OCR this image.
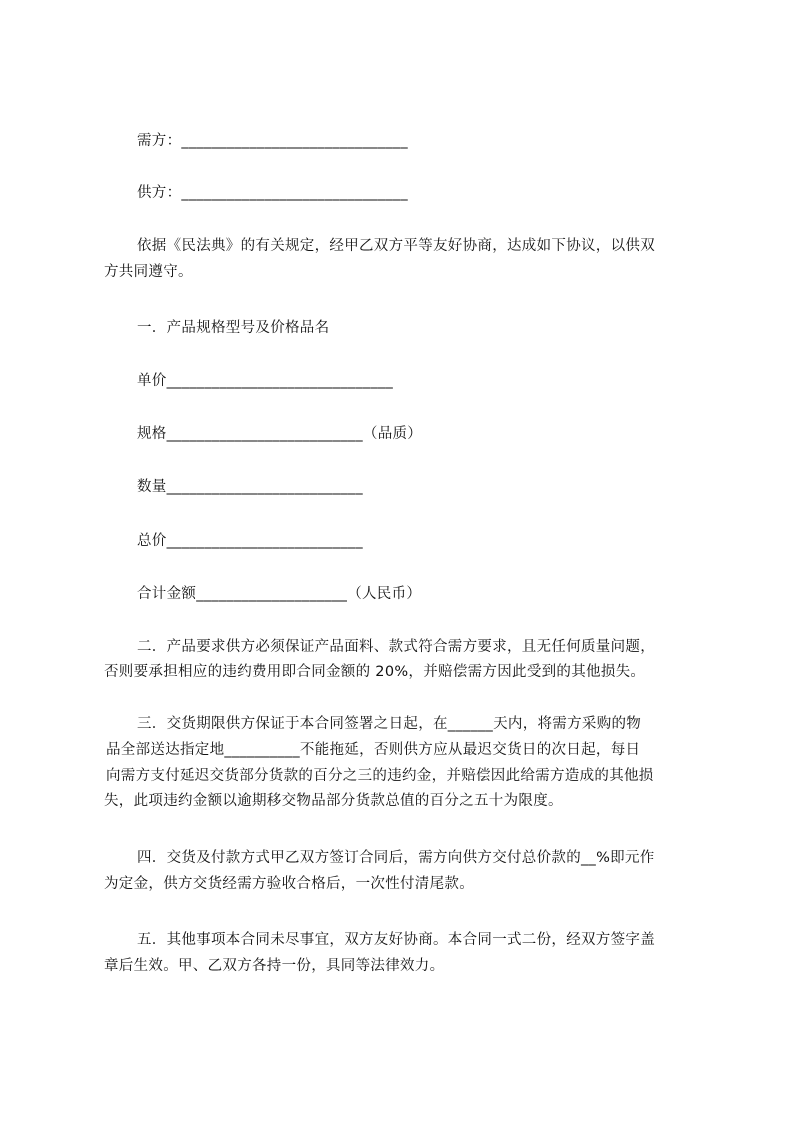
需方：______________________________
供方：______________________________
依据《民法典》的有关规定，经甲乙双方平等友好协商，达成如下协议，以供双
方共同遵守。
一．产品规格型号及价格品名
单价______________________________
规格__________________________（品质）
数量__________________________
总价__________________________
合计金额____________________（人民币）
二．产品要求供方必须保证产品面料、款式符合需方要求，且无任何质量问题，
否则要承担相应的违约费用即合同金额的 20%，并赔偿需方因此受到的其他损失。
三．交货期限供方保证于本合同签署之日起，在______天内，将需方采购的物
品全部送达指定地__________不能拖延，否则供方应从最迟交货日的次日起，每日
向需方支付延迟交货部分货款的百分之三的违约金，并赔偿因此给需方造成的其他损
失，此项违约金额以逾期移交物品部分货款总值的百分之五十为限度。
四．交货及付款方式甲乙双方签订合同后，需方向供方交付总价款的__%即元作
为定金，供方交货经需方验收合格后，一次性付清尾款。
五．其他事项本合同未尽事宜，双方友好协商。本合同一式二份，经双方签字盖
章后生效。甲、乙双方各持一份，具同等法律效力。
